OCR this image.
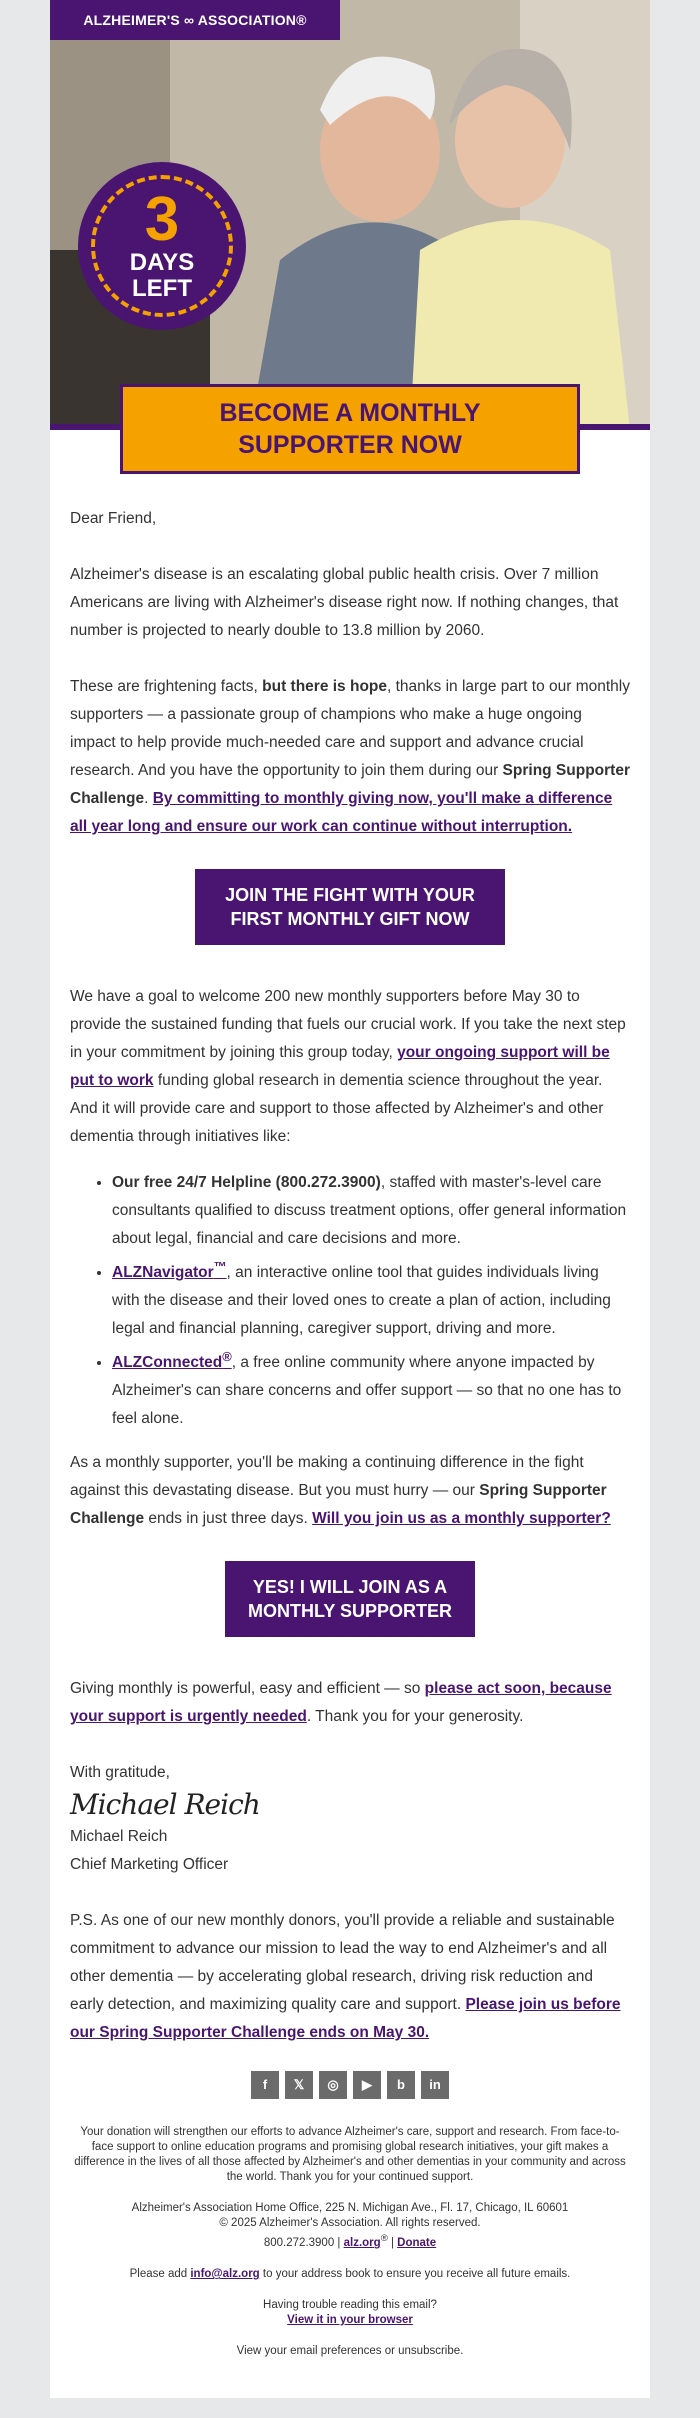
ALZHEIMER'S ∞ ASSOCIATION®
3
DAYS
LEFT
BECOME A MONTHLY SUPPORTER NOW

Dear Friend,

Alzheimer's disease is an escalating global public health crisis. Over 7 million Americans are living with Alzheimer's disease right now. If nothing changes, that number is projected to nearly double to 13.8 million by 2060.

These are frightening facts, but there is hope, thanks in large part to our monthly supporters — a passionate group of champions who make a huge ongoing impact to help provide much-needed care and support and advance crucial research. And you have the opportunity to join them during our Spring Supporter Challenge. By committing to monthly giving now, you'll make a difference all year long and ensure our work can continue without interruption.

JOIN THE FIGHT WITH YOUR FIRST MONTHLY GIFT NOW

We have a goal to welcome 200 new monthly supporters before May 30 to provide the sustained funding that fuels our crucial work. If you take the next step in your commitment by joining this group today, your ongoing support will be put to work funding global research in dementia science throughout the year. And it will provide care and support to those affected by Alzheimer's and other dementia through initiatives like:

• Our free 24/7 Helpline (800.272.3900), staffed with master's-level care consultants qualified to discuss treatment options, offer general information about legal, financial and care decisions and more.
• ALZNavigator™, an interactive online tool that guides individuals living with the disease and their loved ones to create a plan of action, including legal and financial planning, caregiver support, driving and more.
• ALZConnected®, a free online community where anyone impacted by Alzheimer's can share concerns and offer support — so that no one has to feel alone.

As a monthly supporter, you'll be making a continuing difference in the fight against this devastating disease. But you must hurry — our Spring Supporter Challenge ends in just three days. Will you join us as a monthly supporter?

YES! I WILL JOIN AS A MONTHLY SUPPORTER

Giving monthly is powerful, easy and efficient — so please act soon, because your support is urgently needed. Thank you for your generosity.

With gratitude,
Michael Reich
Michael Reich
Chief Marketing Officer

P.S. As one of our new monthly donors, you'll provide a reliable and sustainable commitment to advance our mission to lead the way to end Alzheimer's and all other dementia — by accelerating global research, driving risk reduction and early detection, and maximizing quality care and support. Please join us before our Spring Supporter Challenge ends on May 30.

f	𝕏	◎	▶	b	in

Your donation will strengthen our efforts to advance Alzheimer's care, support and research. From face-to-face support to online education programs and promising global research initiatives, your gift makes a difference in the lives of all those affected by Alzheimer's and other dementias in your community and across the world. Thank you for your continued support.

Alzheimer's Association Home Office, 225 N. Michigan Ave., Fl. 17, Chicago, IL 60601
© 2025 Alzheimer's Association. All rights reserved.
800.272.3900 | alz.org® | Donate

Please add info@alz.org to your address book to ensure you receive all future emails.

Having trouble reading this email?
View it in your browser

View your email preferences or unsubscribe.
